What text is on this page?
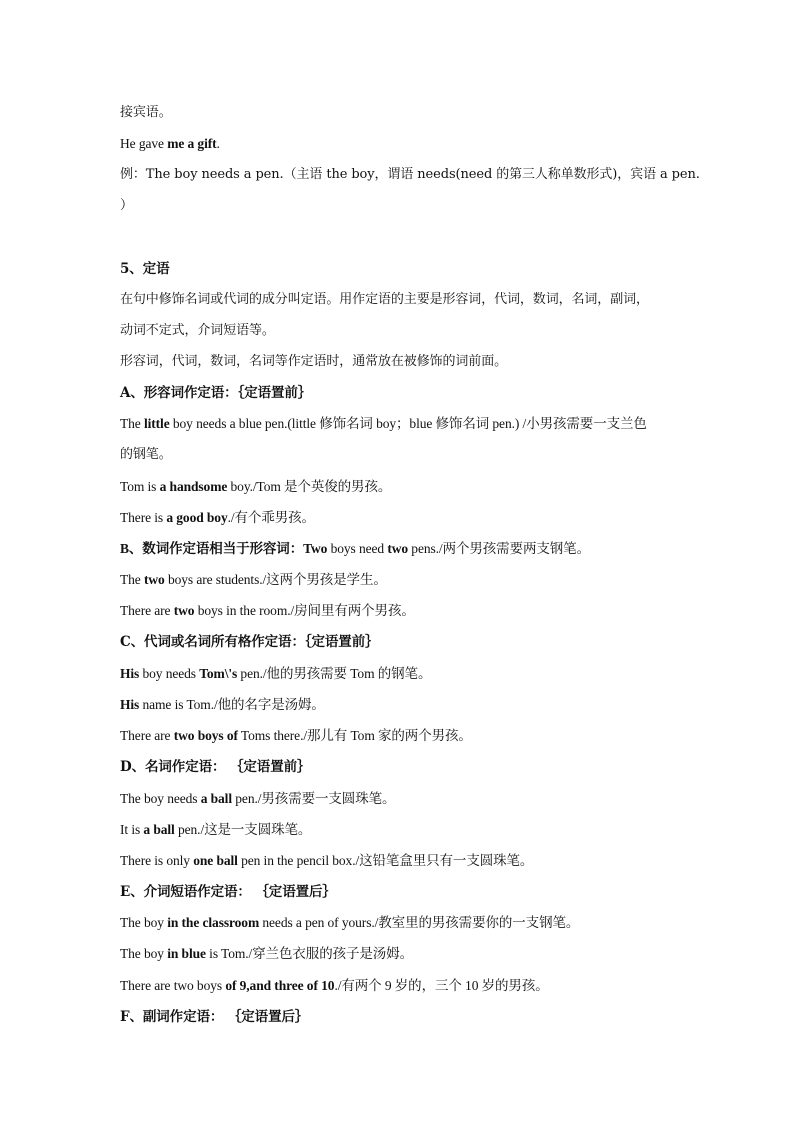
接宾语。
He gave me a gift.
例：The boy needs a pen.（主语 the boy，谓语 needs(need 的第三人称单数形式)，宾语 a pen.
）
5、定语
在句中修饰名词或代词的成分叫定语。用作定语的主要是形容词，代词，数词，名词，副词，
动词不定式，介词短语等。
形容词，代词，数词，名词等作定语时，通常放在被修饰的词前面。
A、形容词作定语：｛定语置前｝
The little boy needs a blue pen.(little 修饰名词 boy；blue 修饰名词 pen.) /小男孩需要一支兰色
的钢笔。
Tom is a handsome boy./Tom 是个英俊的男孩。
There is a good boy./有个乖男孩。
B、数词作定语相当于形容词：Two boys need two pens./两个男孩需要两支钢笔。
The two boys are students./这两个男孩是学生。
There are two boys in the room./房间里有两个男孩。
C、代词或名词所有格作定语：｛定语置前｝
His boy needs Tom\'s pen./他的男孩需要 Tom 的钢笔。
His name is Tom./他的名字是汤姆。
There are two boys of Toms there./那儿有 Tom 家的两个男孩。
D、名词作定语： ｛定语置前｝
The boy needs a ball pen./男孩需要一支圆珠笔。
It is a ball pen./这是一支圆珠笔。
There is only one ball pen in the pencil box./这铅笔盒里只有一支圆珠笔。
E、介词短语作定语： ｛定语置后｝
The boy in the classroom needs a pen of yours./教室里的男孩需要你的一支钢笔。
The boy in blue is Tom./穿兰色衣服的孩子是汤姆。
There are two boys of 9,and three of 10./有两个 9 岁的，三个 10 岁的男孩。
F、副词作定语： ｛定语置后｝
